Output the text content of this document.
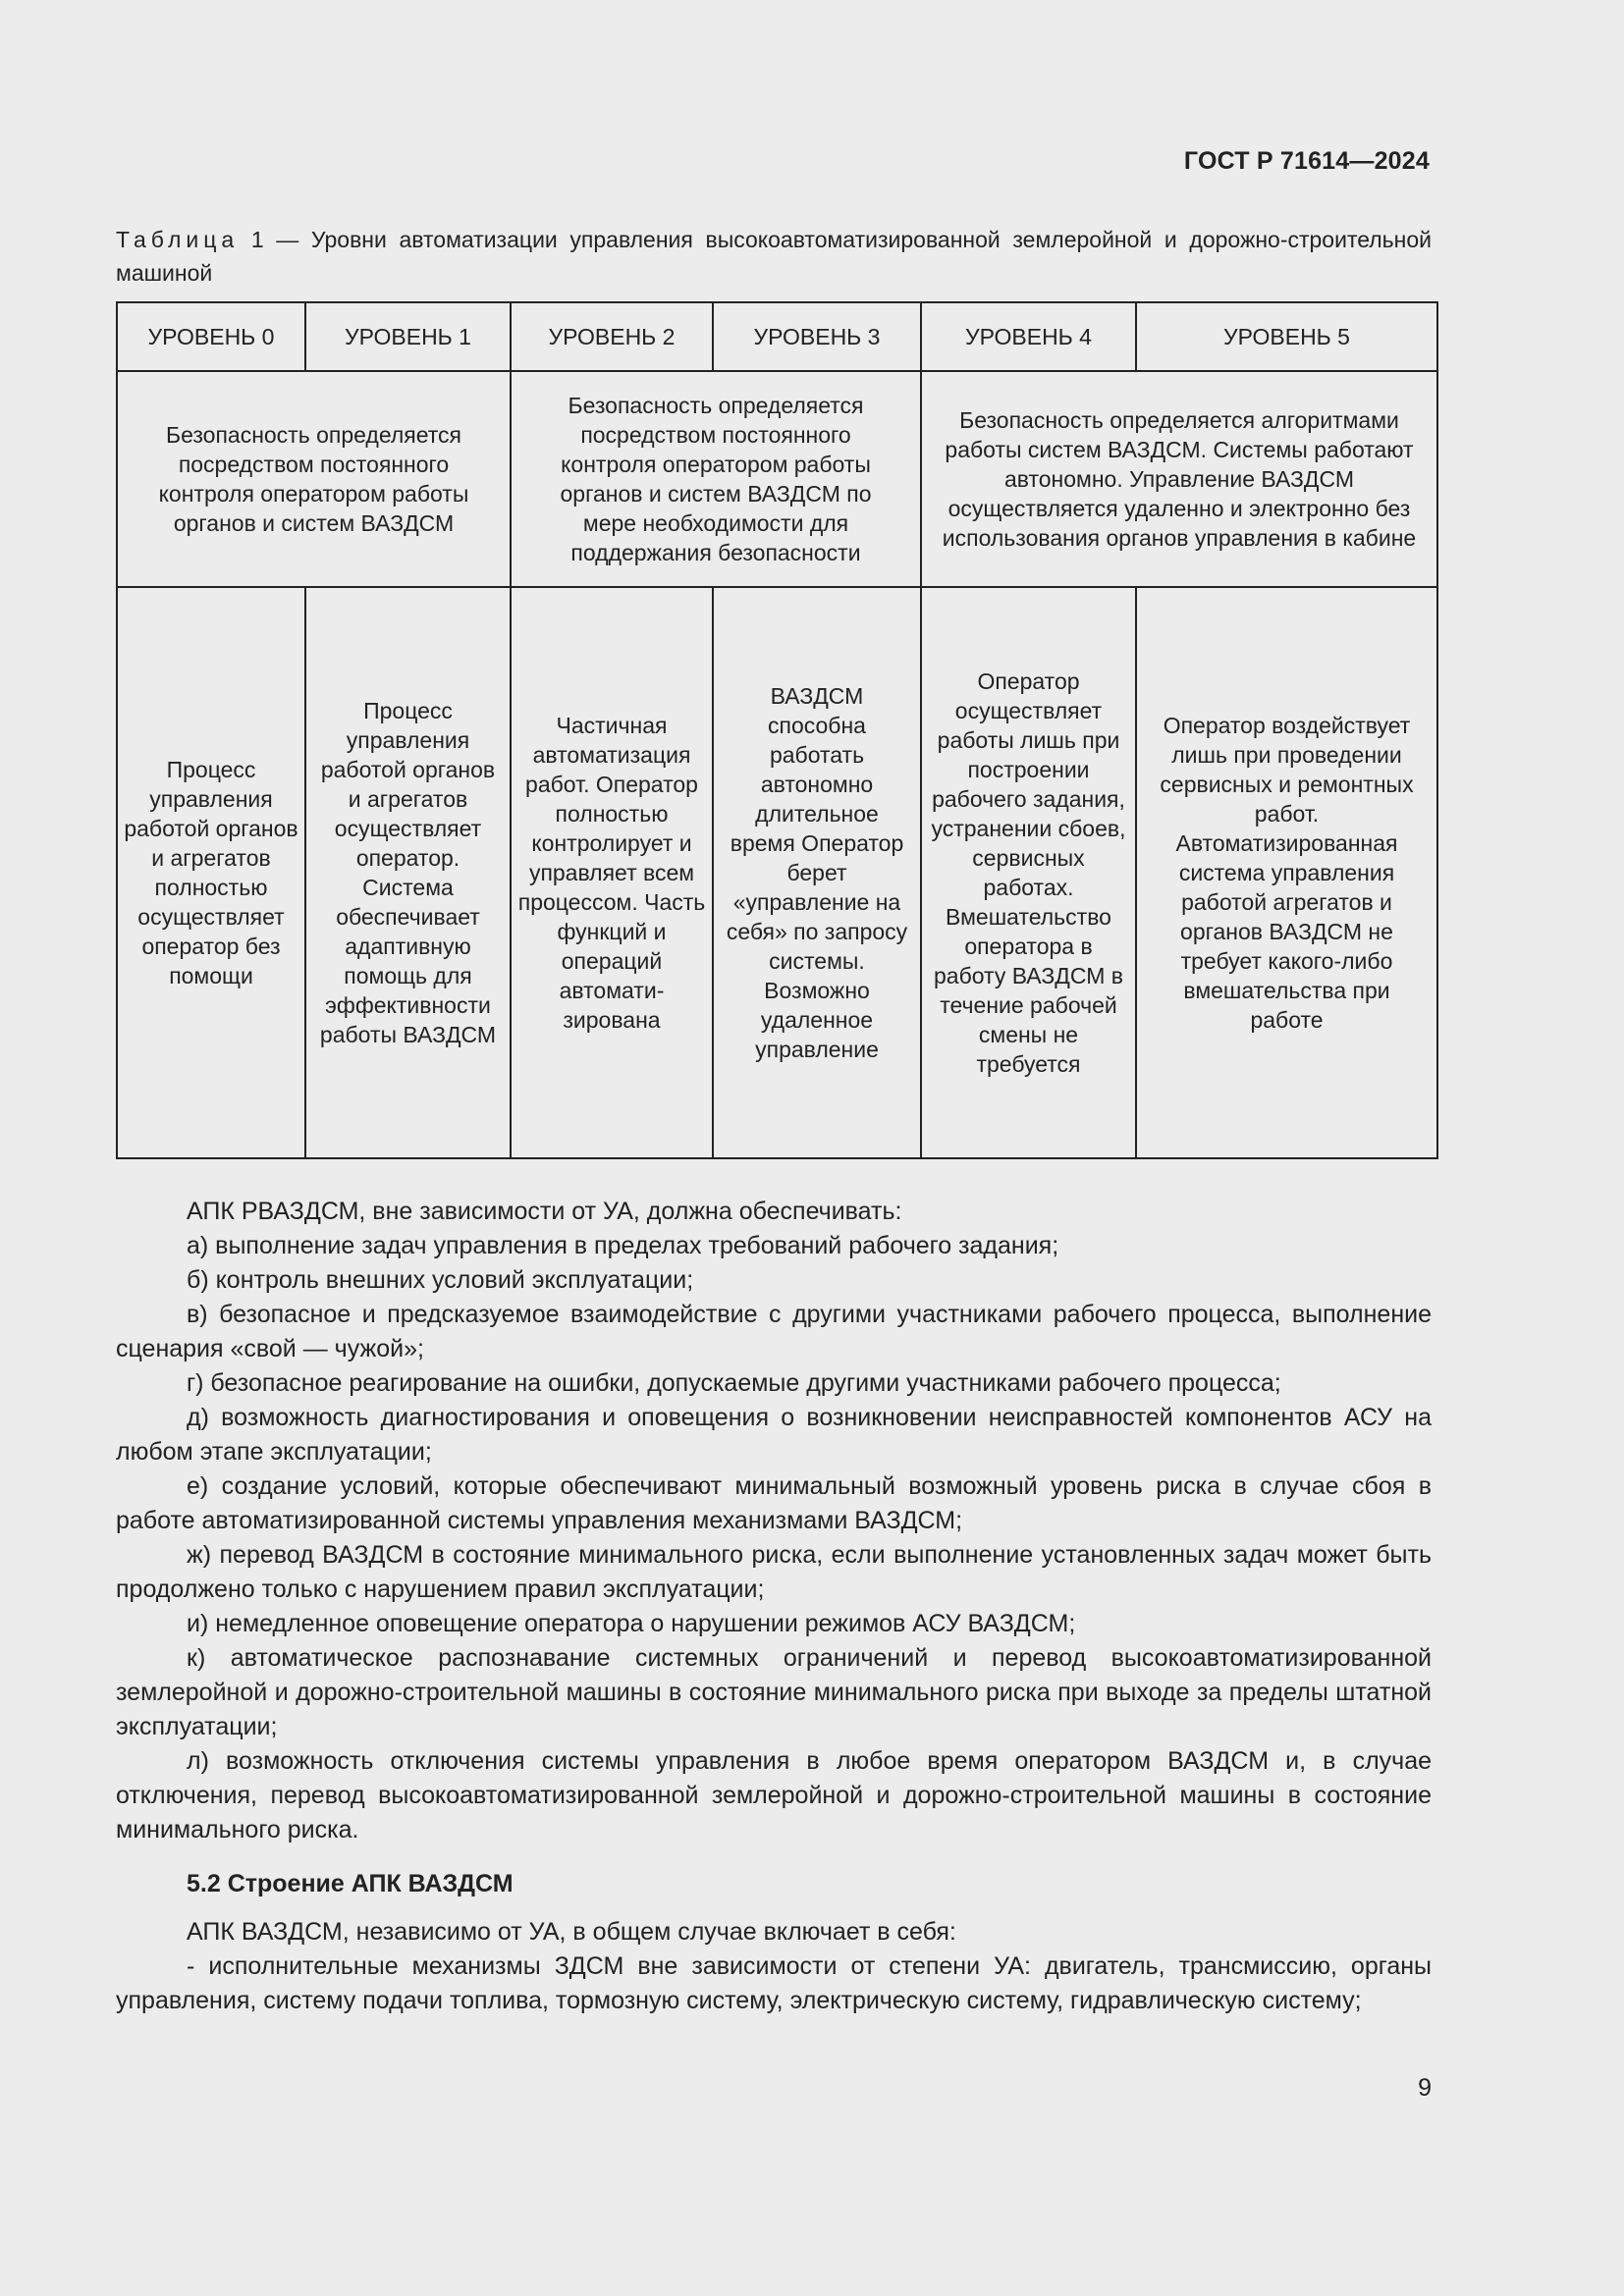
ГОСТ Р 71614—2024
Таблица 1 — Уровни автоматизации управления высокоавтоматизированной землеройной и дорожно-строительной машиной
УРОВЕНЬ 0	УРОВЕНЬ 1	УРОВЕНЬ 2	УРОВЕНЬ 3	УРОВЕНЬ 4	УРОВЕНЬ 5
Безопасность определяется посредством постоянного контроля оператором работы органов и систем ВАЗДСМ		Безопасность определяется посредством постоянного контроля оператором работы органов и систем ВАЗДСМ по мере необходимости для поддержания безопасности		Безопасность определяется алгоритмами работы систем ВАЗДСМ. Системы работают автономно. Управление ВАЗДСМ осуществляется удаленно и электронно без использования органов управления в кабине	
Процесс управления работой органов и агрегатов полностью осуществляет оператор без помощи	Процесс управления работой органов и агрегатов осуществляет оператор. Система обеспечивает адаптивную помощь для эффективности работы ВАЗДСМ	Частичная автоматизация работ. Оператор полностью контролирует и управляет всем процессом. Часть функций и операций автомати-зирована	ВАЗДСМ способна работать автономно длительное время Оператор берет «управление на себя» по запросу системы. Возможно удаленное управление	Оператор осуществляет работы лишь при построении рабочего задания, устранении сбоев, сервисных работах. Вмешательство оператора в работу ВАЗДСМ в течение рабочей смены не требуется	Оператор воздействует лишь при проведении сервисных и ремонтных работ. Автоматизированная система управления работой агрегатов и органов ВАЗДСМ не требует какого-либо вмешательства при работе

АПК РВАЗДСМ, вне зависимости от УА, должна обеспечивать:

а) выполнение задач управления в пределах требований рабочего задания;

б) контроль внешних условий эксплуатации;

в) безопасное и предсказуемое взаимодействие с другими участниками рабочего процесса, выполнение сценария «свой — чужой»;

г) безопасное реагирование на ошибки, допускаемые другими участниками рабочего процесса;

д) возможность диагностирования и оповещения о возникновении неисправностей компонентов АСУ на любом этапе эксплуатации;

е) создание условий, которые обеспечивают минимальный возможный уровень риска в случае сбоя в работе автоматизированной системы управления механизмами ВАЗДСМ;

ж) перевод ВАЗДСМ в состояние минимального риска, если выполнение установленных задач может быть продолжено только с нарушением правил эксплуатации;

и) немедленное оповещение оператора о нарушении режимов АСУ ВАЗДСМ;

к) автоматическое распознавание системных ограничений и перевод высокоавтоматизированной землеройной и дорожно-строительной машины в состояние минимального риска при выходе за пределы штатной эксплуатации;

л) возможность отключения системы управления в любое время оператором ВАЗДСМ и, в случае отключения, перевод высокоавтоматизированной землеройной и дорожно-строительной машины в состояние минимального риска.

5.2 Строение АПК ВАЗДСМ

АПК ВАЗДСМ, независимо от УА, в общем случае включает в себя:

- исполнительные механизмы ЗДСМ вне зависимости от степени УА: двигатель, трансмиссию, органы управления, систему подачи топлива, тормозную систему, электрическую систему, гидравлическую систему;

9
